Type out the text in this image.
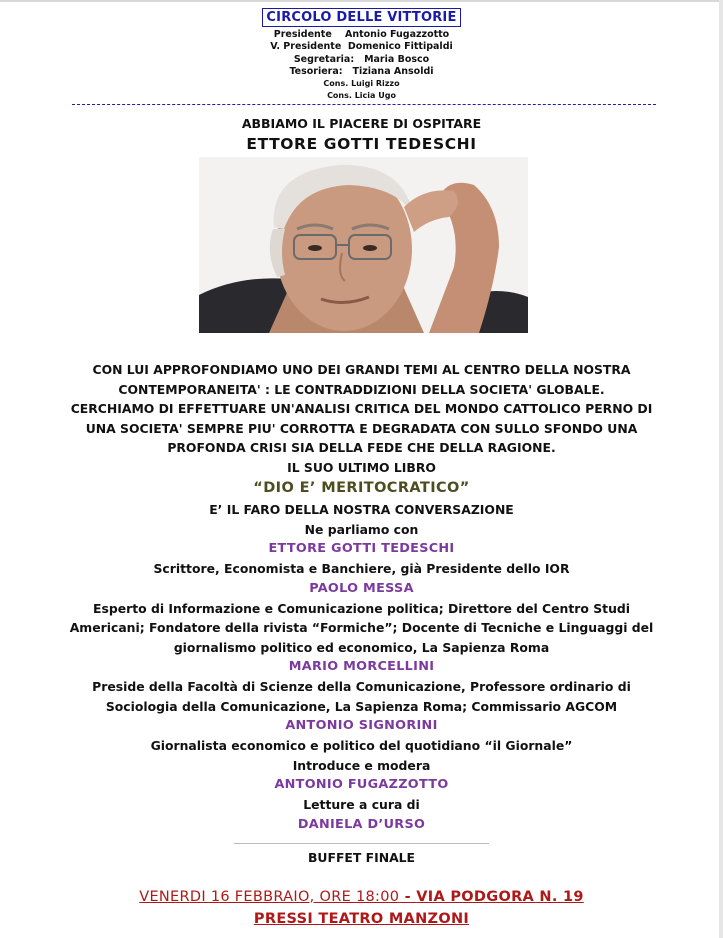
CIRCOLO DELLE VITTORIE
Presidente    Antonio Fugazzotto
V. Presidente  Domenico Fittipaldi
Segretaria:   Maria Bosco
Tesoriera:   Tiziana Ansoldi
Cons. Luigi Rizzo
Cons. Licia Ugo
ABBIAMO IL PIACERE DI OSPITARE
ETTORE GOTTI TEDESCHI
CON LUI APPROFONDIAMO UNO DEI GRANDI TEMI AL CENTRO DELLA NOSTRA
CONTEMPORANEITA' : LE CONTRADDIZIONI DELLA SOCIETA' GLOBALE.
CERCHIAMO DI EFFETTUARE UN'ANALISI CRITICA DEL MONDO CATTOLICO PERNO DI
UNA SOCIETA' SEMPRE PIU' CORROTTA E DEGRADATA CON SULLO SFONDO UNA
PROFONDA CRISI SIA DELLA FEDE CHE DELLA RAGIONE.
IL SUO ULTIMO LIBRO
“DIO E’ MERITOCRATICO”
E’ IL FARO DELLA NOSTRA CONVERSAZIONE
Ne parliamo con
ETTORE GOTTI TEDESCHI
Scrittore, Economista e Banchiere, già Presidente dello IOR
PAOLO MESSA
Esperto di Informazione e Comunicazione politica; Direttore del Centro Studi
Americani; Fondatore della rivista “Formiche”; Docente di Tecniche e Linguaggi del
giornalismo politico ed economico, La Sapienza Roma
MARIO MORCELLINI
Preside della Facoltà di Scienze della Comunicazione, Professore ordinario di
Sociologia della Comunicazione, La Sapienza Roma; Commissario AGCOM
ANTONIO SIGNORINI
Giornalista economico e politico del quotidiano “il Giornale”
Introduce e modera
ANTONIO FUGAZZOTTO
Letture a cura di
DANIELA D’URSO
BUFFET FINALE
VENERDI 16 FEBBRAIO, ORE 18:00 - VIA PODGORA N. 19
PRESSI TEATRO MANZONI
